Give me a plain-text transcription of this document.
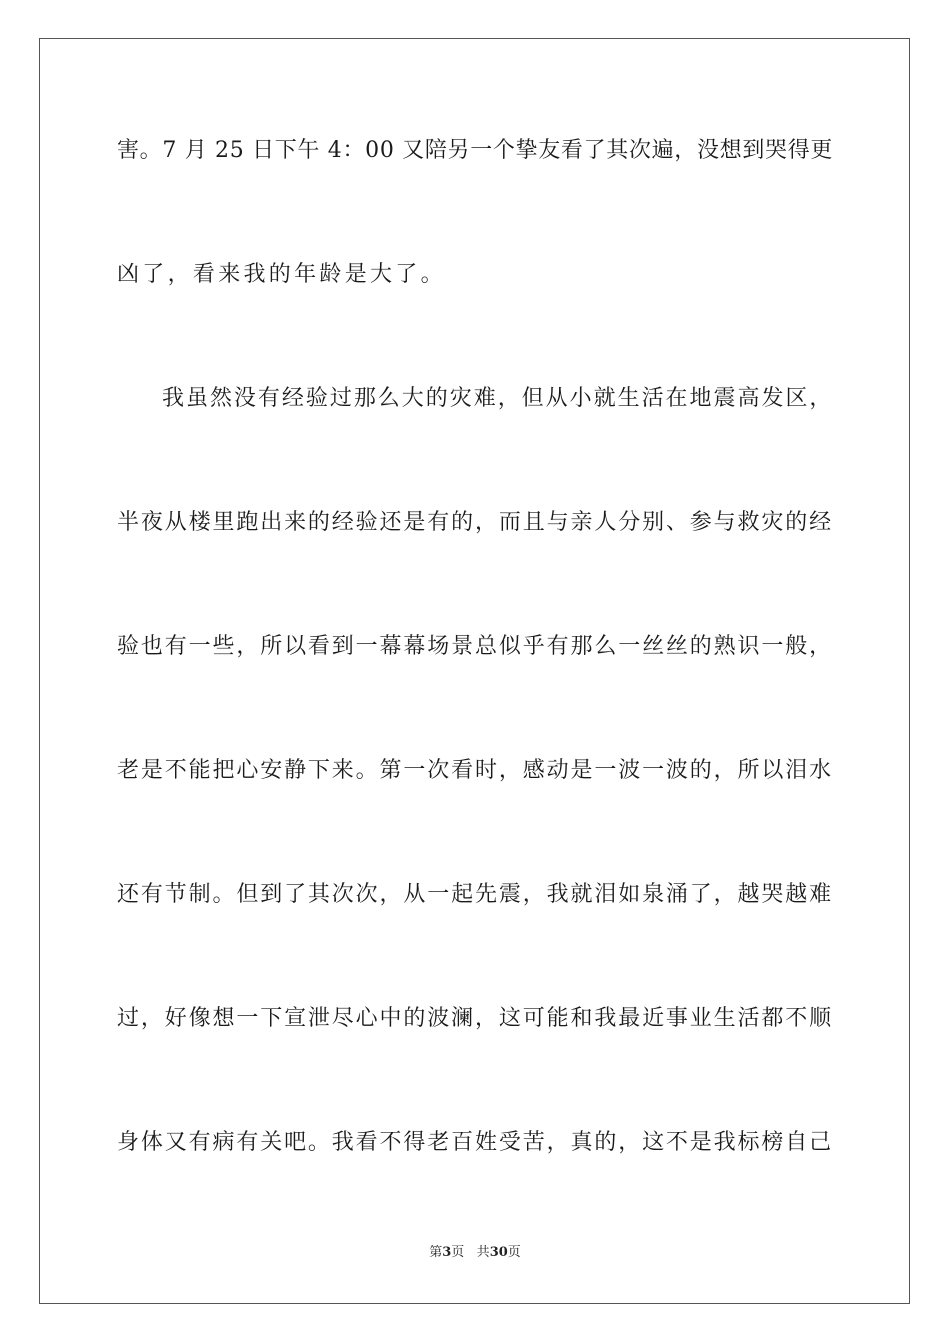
害。7 月 25 日下午 4：00 又陪另一个挚友看了其次遍，没想到哭得更
凶了，看来我的年龄是大了。
我虽然没有经验过那么大的灾难，但从小就生活在地震高发区，
半夜从楼里跑出来的经验还是有的，而且与亲人分别、参与救灾的经
验也有一些，所以看到一幕幕场景总似乎有那么一丝丝的熟识一般，
老是不能把心安静下来。第一次看时，感动是一波一波的，所以泪水
还有节制。但到了其次次，从一起先震，我就泪如泉涌了，越哭越难
过，好像想一下宣泄尽心中的波澜，这可能和我最近事业生活都不顺
身体又有病有关吧。我看不得老百姓受苦，真的，这不是我标榜自己
第3页 共30页
